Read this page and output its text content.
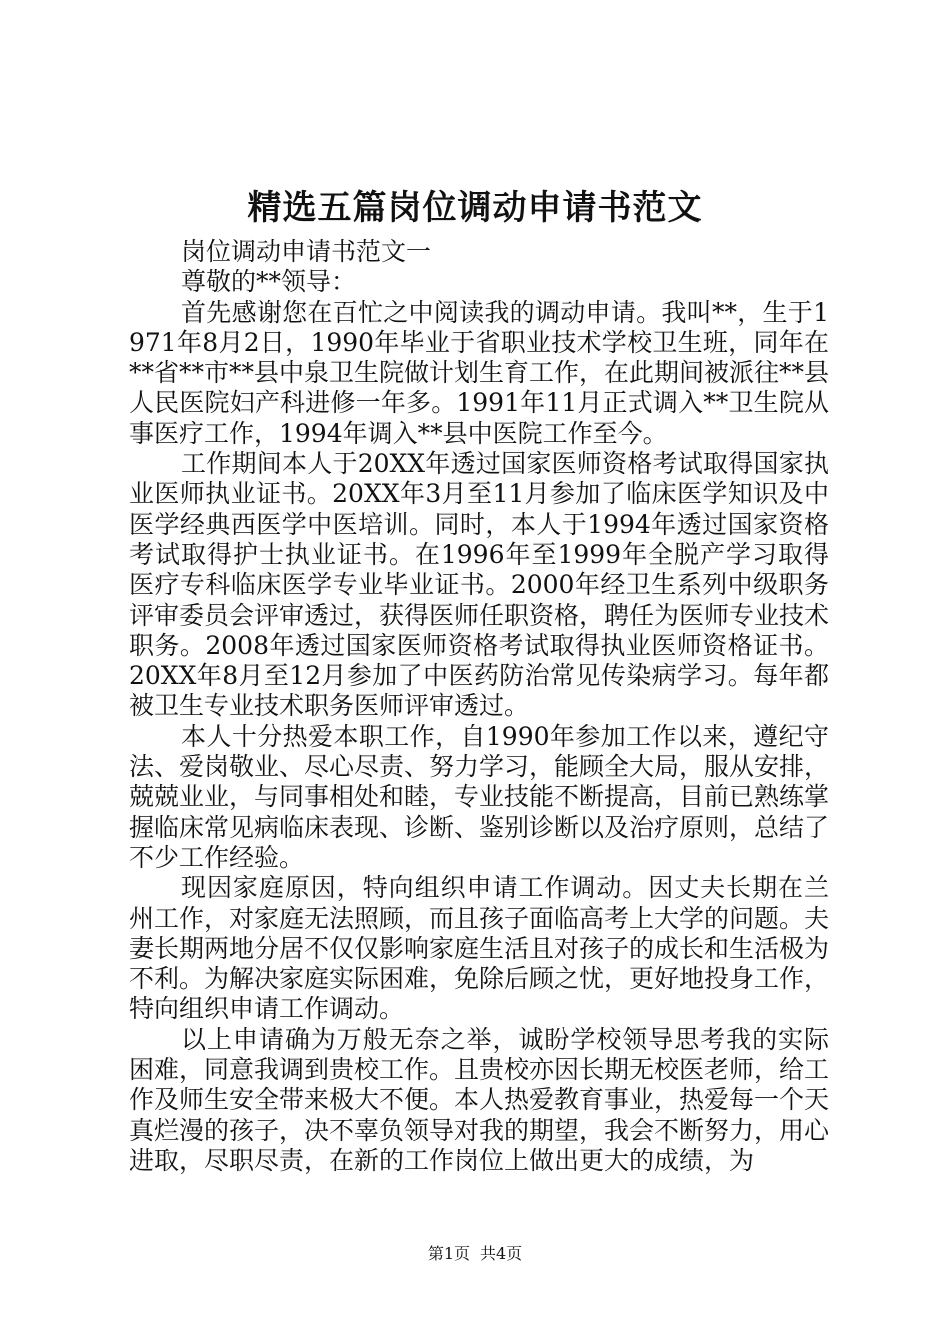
精选五篇岗位调动申请书范文

岗位调动申请书范文一

尊敬的**领导：

首先感谢您在百忙之中阅读我的调动申请。我叫**，生于1971年8月2日，1990年毕业于省职业技术学校卫生班，同年在**省**市**县中泉卫生院做计划生育工作，在此期间被派往**县人民医院妇产科进修一年多。1991年11月正式调入**卫生院从事医疗工作，1994年调入**县中医院工作至今。

工作期间本人于20XX年透过国家医师资格考试取得国家执业医师执业证书。20XX年3月至11月参加了临床医学知识及中医学经典西医学中医培训。同时，本人于1994年透过国家资格考试取得护士执业证书。在1996年至1999年全脱产学习取得医疗专科临床医学专业毕业证书。2000年经卫生系列中级职务评审委员会评审透过，获得医师任职资格，聘任为医师专业技术职务。2008年透过国家医师资格考试取得执业医师资格证书。20XX年8月至12月参加了中医药防治常见传染病学习。每年都被卫生专业技术职务医师评审透过。

本人十分热爱本职工作，自1990年参加工作以来，遵纪守法、爱岗敬业、尽心尽责、努力学习，能顾全大局，服从安排，兢兢业业，与同事相处和睦，专业技能不断提高，目前已熟练掌握临床常见病临床表现、诊断、鉴别诊断以及治疗原则，总结了不少工作经验。

现因家庭原因，特向组织申请工作调动。因丈夫长期在兰州工作，对家庭无法照顾，而且孩子面临高考上大学的问题。夫妻长期两地分居不仅仅影响家庭生活且对孩子的成长和生活极为不利。为解决家庭实际困难，免除后顾之忧，更好地投身工作，特向组织申请工作调动。

以上申请确为万般无奈之举，诚盼学校领导思考我的实际困难，同意我调到贵校工作。且贵校亦因长期无校医老师，给工作及师生安全带来极大不便。本人热爱教育事业，热爱每一个天真烂漫的孩子，决不辜负领导对我的期望，我会不断努力，用心进取，尽职尽责，在新的工作岗位上做出更大的成绩，为

第1页 共4页
